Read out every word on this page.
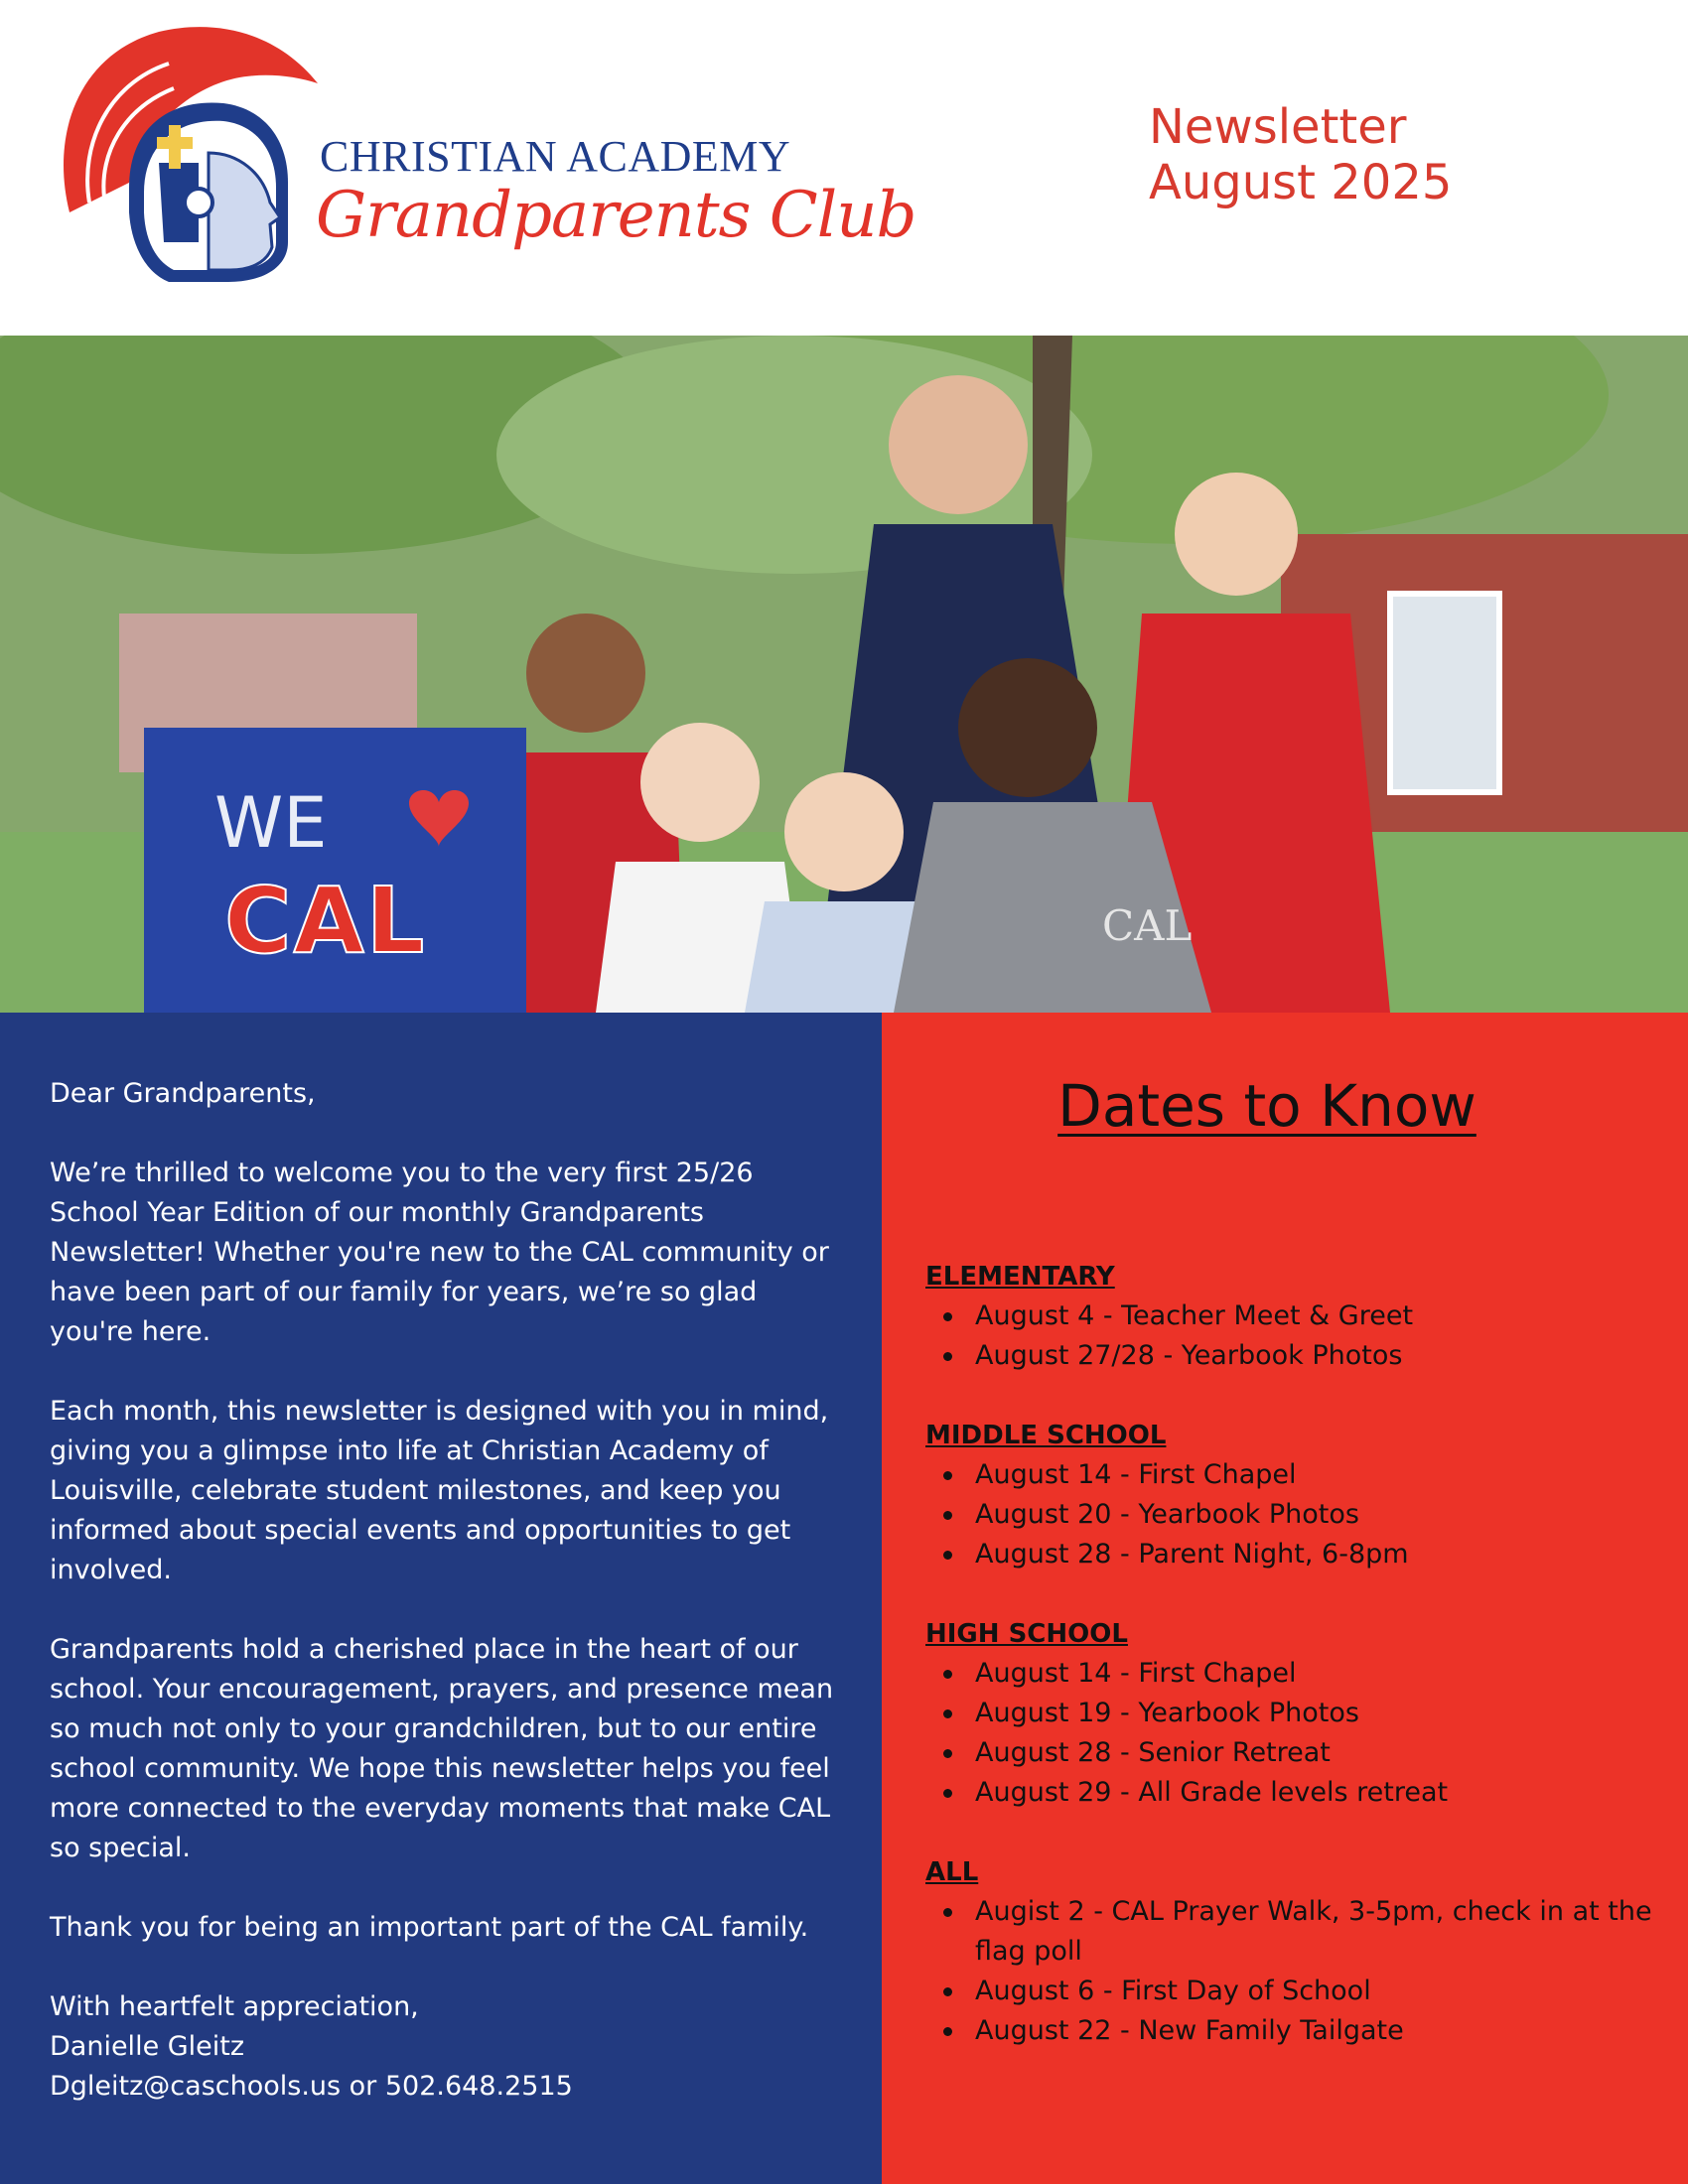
CHRISTIAN ACADEMY
Grandparents Club
Newsletter
August 2025
WE
CAL	CAL

Dear Grandparents,

We’re thrilled to welcome you to the very first 25/26 School Year Edition of our monthly Grandparents Newsletter! Whether you're new to the CAL community or have been part of our family for years, we’re so glad you're here.

Each month, this newsletter is designed with you in mind, giving you a glimpse into life at Christian Academy of Louisville, celebrate student milestones, and keep you informed about special events and opportunities to get involved.

Grandparents hold a cherished place in the heart of our school. Your encouragement, prayers, and presence mean so much not only to your grandchildren, but to our entire school community. We hope this newsletter helps you feel more connected to the everyday moments that make CAL so special.

Thank you for being an important part of the CAL family.

With heartfelt appreciation,

Danielle Gleitz

Dgleitz@caschools.us or 502.648.2515

Dates to Know
ELEMENTARY
August 4 - Teacher Meet & Greet
August 27/28 - Yearbook Photos
MIDDLE SCHOOL
August 14 - First Chapel
August 20 - Yearbook Photos
August 28 - Parent Night, 6-8pm
HIGH SCHOOL
August 14 - First Chapel
August 19 - Yearbook Photos
August 28 - Senior Retreat
August 29 - All Grade levels retreat
ALL
Augist 2 - CAL Prayer Walk, 3-5pm, check in at the flag poll
August 6 - First Day of School
August 22 - New Family Tailgate
